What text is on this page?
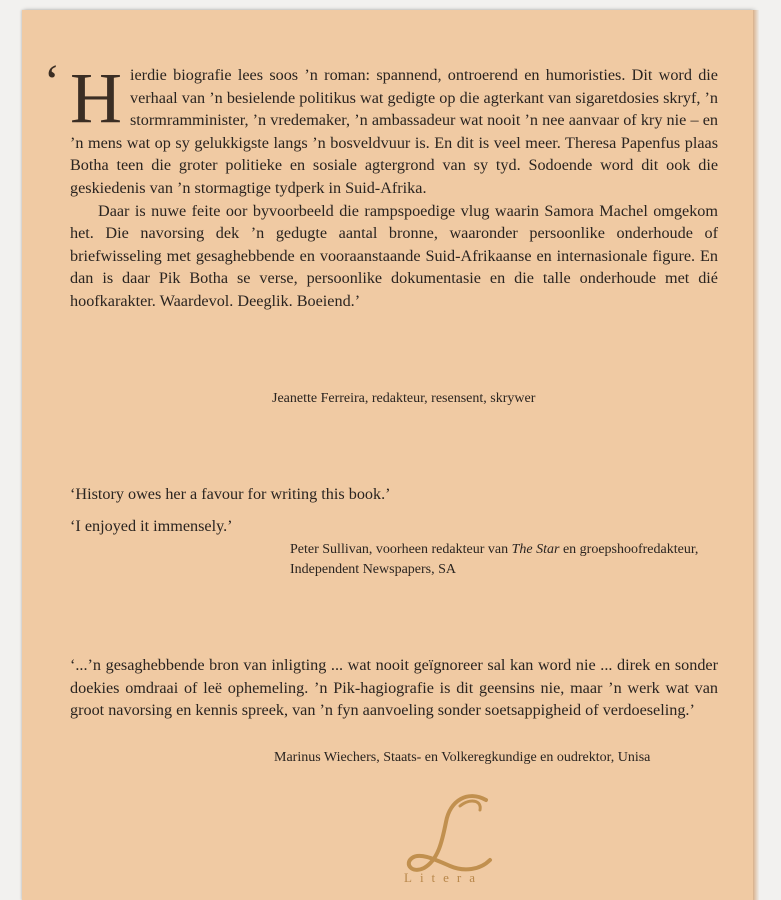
‘ H ierdie biografie lees soos ’n roman: spannend, ontroerend en humoristies. Dit word die verhaal van ’n besielende politikus wat gedigte op die agterkant van sigaretdosies skryf, ’n stormramminister, ’n vredemaker, ’n ambassadeur wat nooit ’n nee aanvaar of kry nie – en ’n mens wat op sy gelukkigste langs ’n bosveldvuur is. En dit is veel meer. Theresa Papenfus plaas Botha teen die groter politieke en sosiale agtergrond van sy tyd. Sodoende word dit ook die geskiedenis van ’n stormagtige tydperk in Suid-Afrika.

Daar is nuwe feite oor byvoorbeeld die rampspoedige vlug waarin Samora Machel omgekom het. Die navorsing dek ’n gedugte aantal bronne, waaronder persoonlike onderhoude of briefwisseling met gesaghebbende en vooraanstaande Suid-Afrikaanse en internasionale figure. En dan is daar Pik Botha se verse, persoonlike dokumentasie en die talle onderhoude met dié hoofkarakter. Waardevol. Deeglik. Boeiend.’

Jeanette Ferreira, redakteur, resensent, skrywer
‘History owes her a favour for writing this book.’
‘I enjoyed it immensely.’
Peter Sullivan, voorheen redakteur van The Star en groepshoofredakteur, Independent Newspapers, SA

‘...’n gesaghebbende bron van inligting ... wat nooit geïgnoreer sal kan word nie ... direk en sonder doekies omdraai of leë ophemeling. ’n Pik-hagiografie is dit geensins nie, maar ’n werk wat van groot navorsing en kennis spreek, van ’n fyn aanvoeling sonder soetsappigheid of verdoeseling.’

Marinus Wiechers, Staats- en Volkeregkundige en oudrektor, Unisa
Litera
